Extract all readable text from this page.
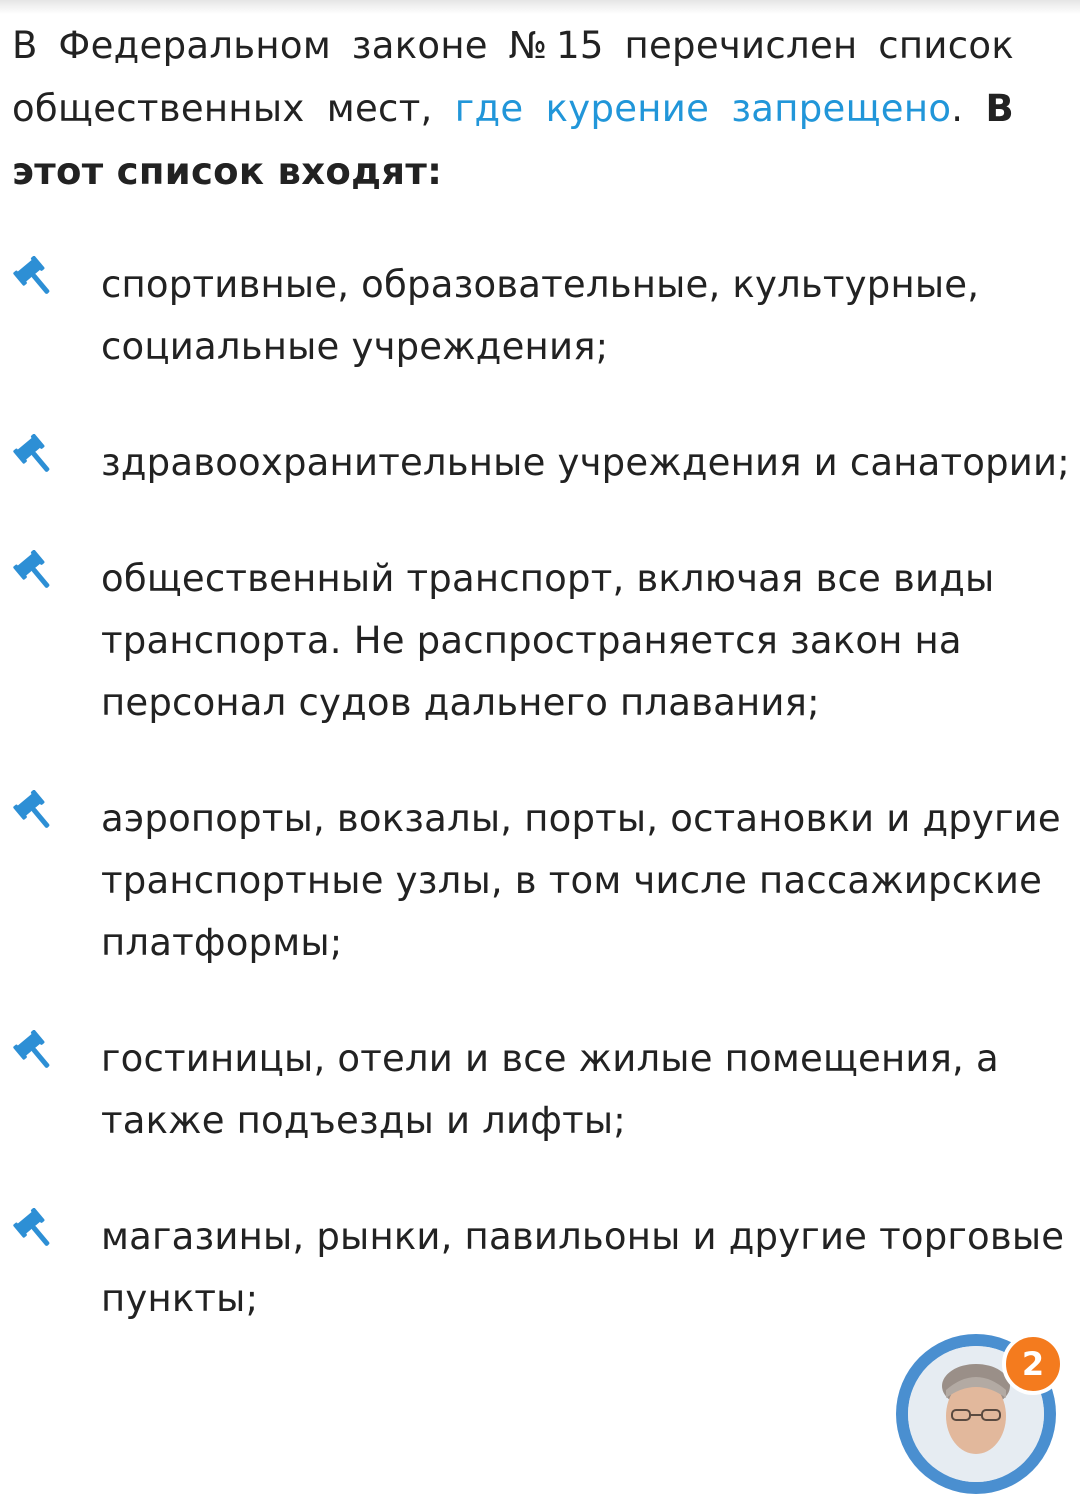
В Федеральном законе №15 перечислен список общественных мест, где курение запрещено. В этот список входят:

спортивные, образовательные, культурные, социальные учреждения;
здравоохранительные учреждения и санатории;
общественный транспорт, включая все виды транспорта. Не распространяется закон на персонал судов дальнего плавания;
аэропорты, вокзалы, порты, остановки и другие транспортные узлы, в том числе пассажирские платформы;
гостиницы, отели и все жилые помещения, а также подъезды и лифты;
магазины, рынки, павильоны и другие торговые пункты;
2
